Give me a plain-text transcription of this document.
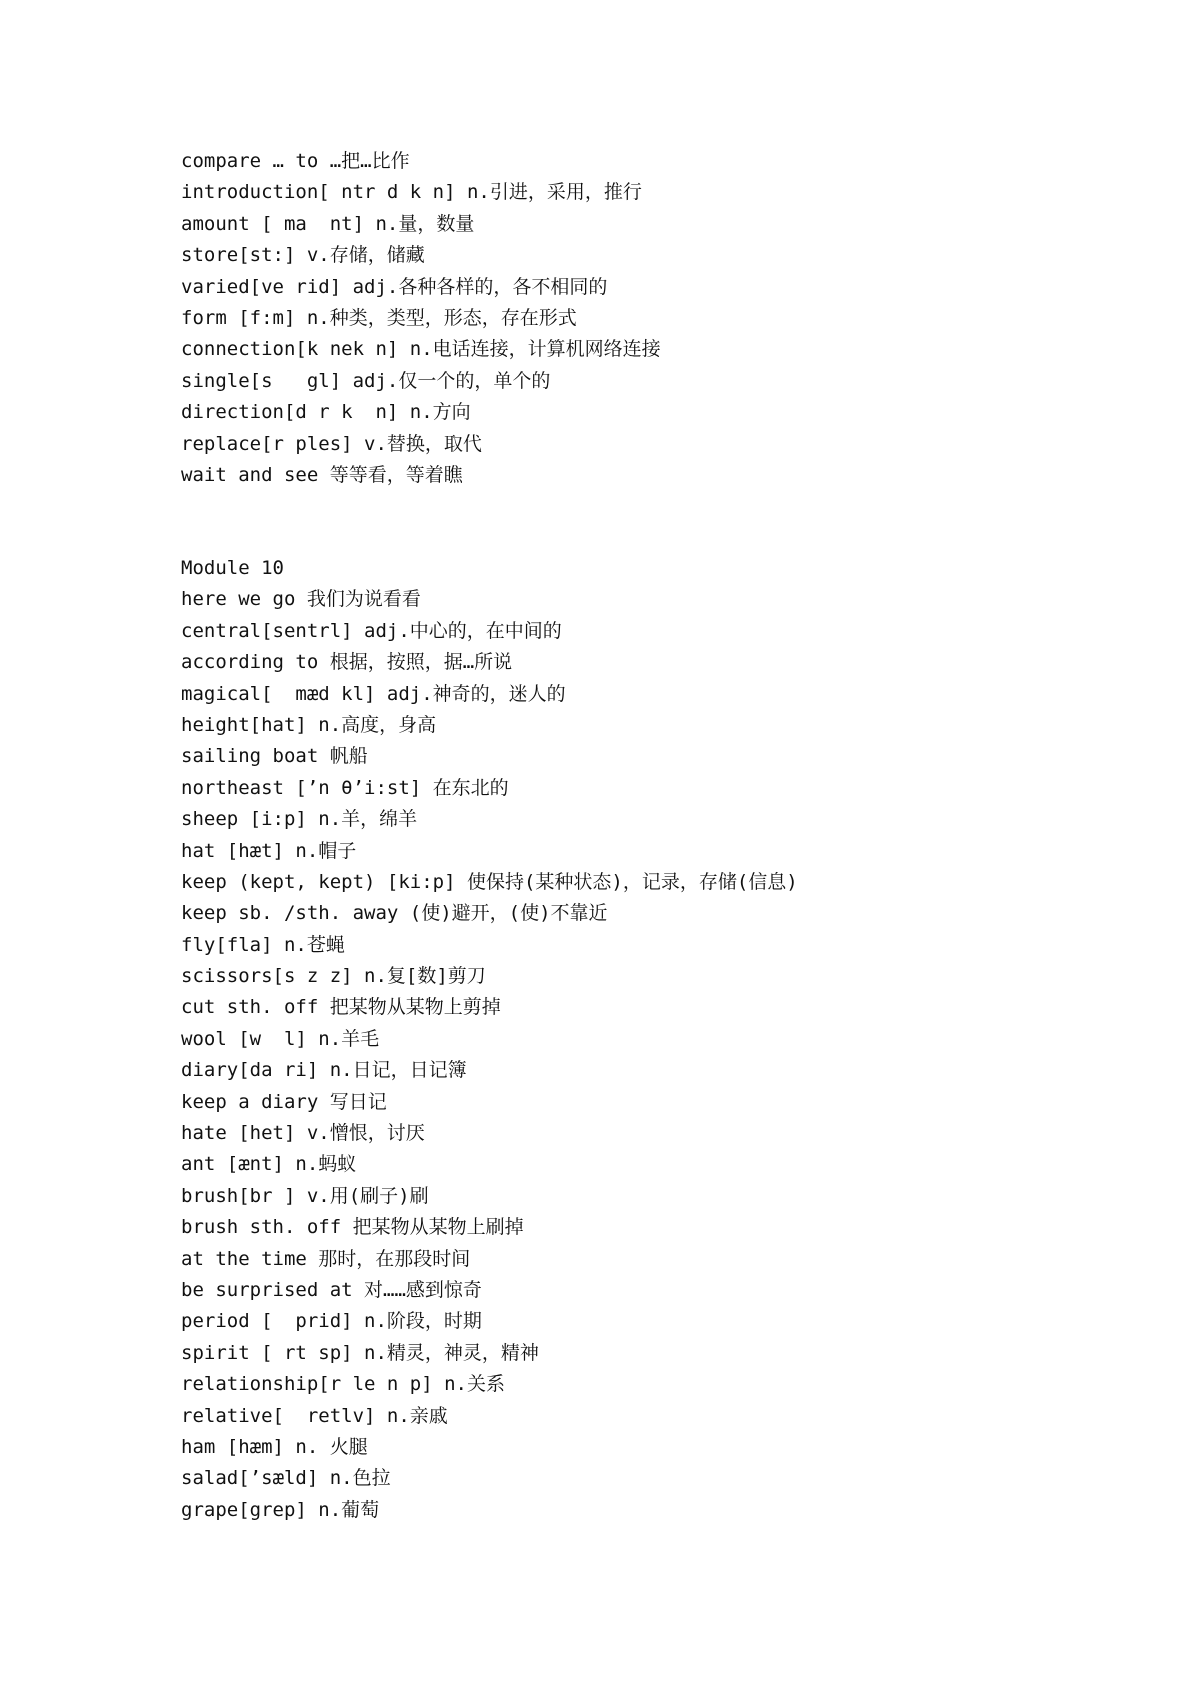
compare … to …把…比作
introduction[ ntr d k n] n.引进，采用，推行
amount [ ma  nt] n.量，数量
store[st:] v.存储，储藏
varied[ve rid] adj.各种各样的，各不相同的
form [f:m] n.种类，类型，形态，存在形式
connection[k nek n] n.电话连接，计算机网络连接
single[s   gl] adj.仅一个的，单个的
direction[d r k  n] n.方向
replace[r ples] v.替换，取代
wait and see 等等看，等着瞧
Module 10
here we go 我们为说看看
central[sentrl] adj.中心的，在中间的
according to 根据，按照，据…所说
magical[  mæd kl] adj.神奇的，迷人的
height[hat] n.高度，身高
sailing boat 帆船
northeast [’n θ’i:st] 在东北的
sheep [i:p] n.羊，绵羊
hat [hæt] n.帽子
keep (kept, kept) [ki:p] 使保持(某种状态)，记录，存储(信息)
keep sb. /sth. away (使)避开，(使)不靠近
fly[fla] n.苍蝇
scissors[s z z] n.复[数]剪刀
cut sth. off 把某物从某物上剪掉
wool [w  l] n.羊毛
diary[da ri] n.日记，日记簿
keep a diary 写日记
hate [het] v.憎恨，讨厌
ant [ænt] n.蚂蚁
brush[br ] v.用(刷子)刷
brush sth. off 把某物从某物上刷掉
at the time 那时，在那段时间
be surprised at 对……感到惊奇
period [  prid] n.阶段，时期
spirit [ rt sp] n.精灵，神灵，精神
relationship[r le n p] n.关系
relative[  retlv] n.亲戚
ham [hæm] n. 火腿
salad[’sæld] n.色拉
grape[grep] n.葡萄
